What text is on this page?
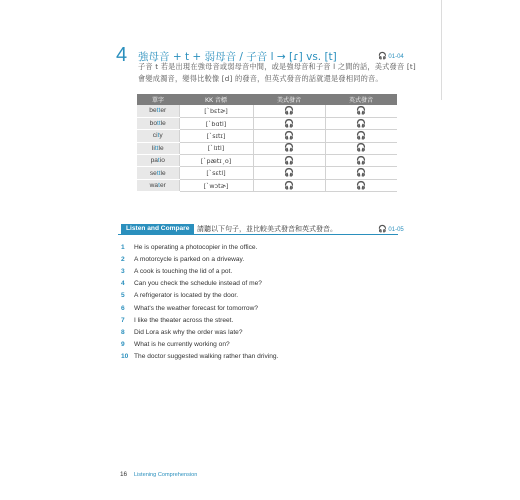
4 強母音 + t + 弱母音 / 子音 l → [ɾ] vs. [t]	🎧 01-04
子音 t 若是出現在強母音或弱母音中間，或是強母音和子音 l 之間的話，美式發音 [t]
會變成濁音，變得比較像 [d] 的發音，但英式發音的話就還是發相同的音。
單字	KK 音標	美式發音	英式發音
better	[ˋbɛtɚ]	🎧	🎧
bottle	[ˋbɑtl]	🎧	🎧
city	[ˋsɪtɪ]	🎧	🎧
little	[ˋlɪtl]	🎧	🎧
patio	[ˋpætɪˏo]	🎧	🎧
settle	[ˋsɛtl]	🎧	🎧
water	[ˋwɔtɚ]	🎧	🎧
Listen and Compare	請聽以下句子，並比較美式發音和英式發音。	🎧 01-05
1 He is operating a photocopier in the office.
2 A motorcycle is parked on a driveway.
3 A cook is touching the lid of a pot.
4 Can you check the schedule instead of me?
5 A refrigerator is located by the door.
6 What's the weather forecast for tomorrow?
7 I like the theater across the street.
8 Did Lora ask why the order was late?
9 What is he currently working on?
10 The doctor suggested walking rather than driving.
16 Listening Comprehension
